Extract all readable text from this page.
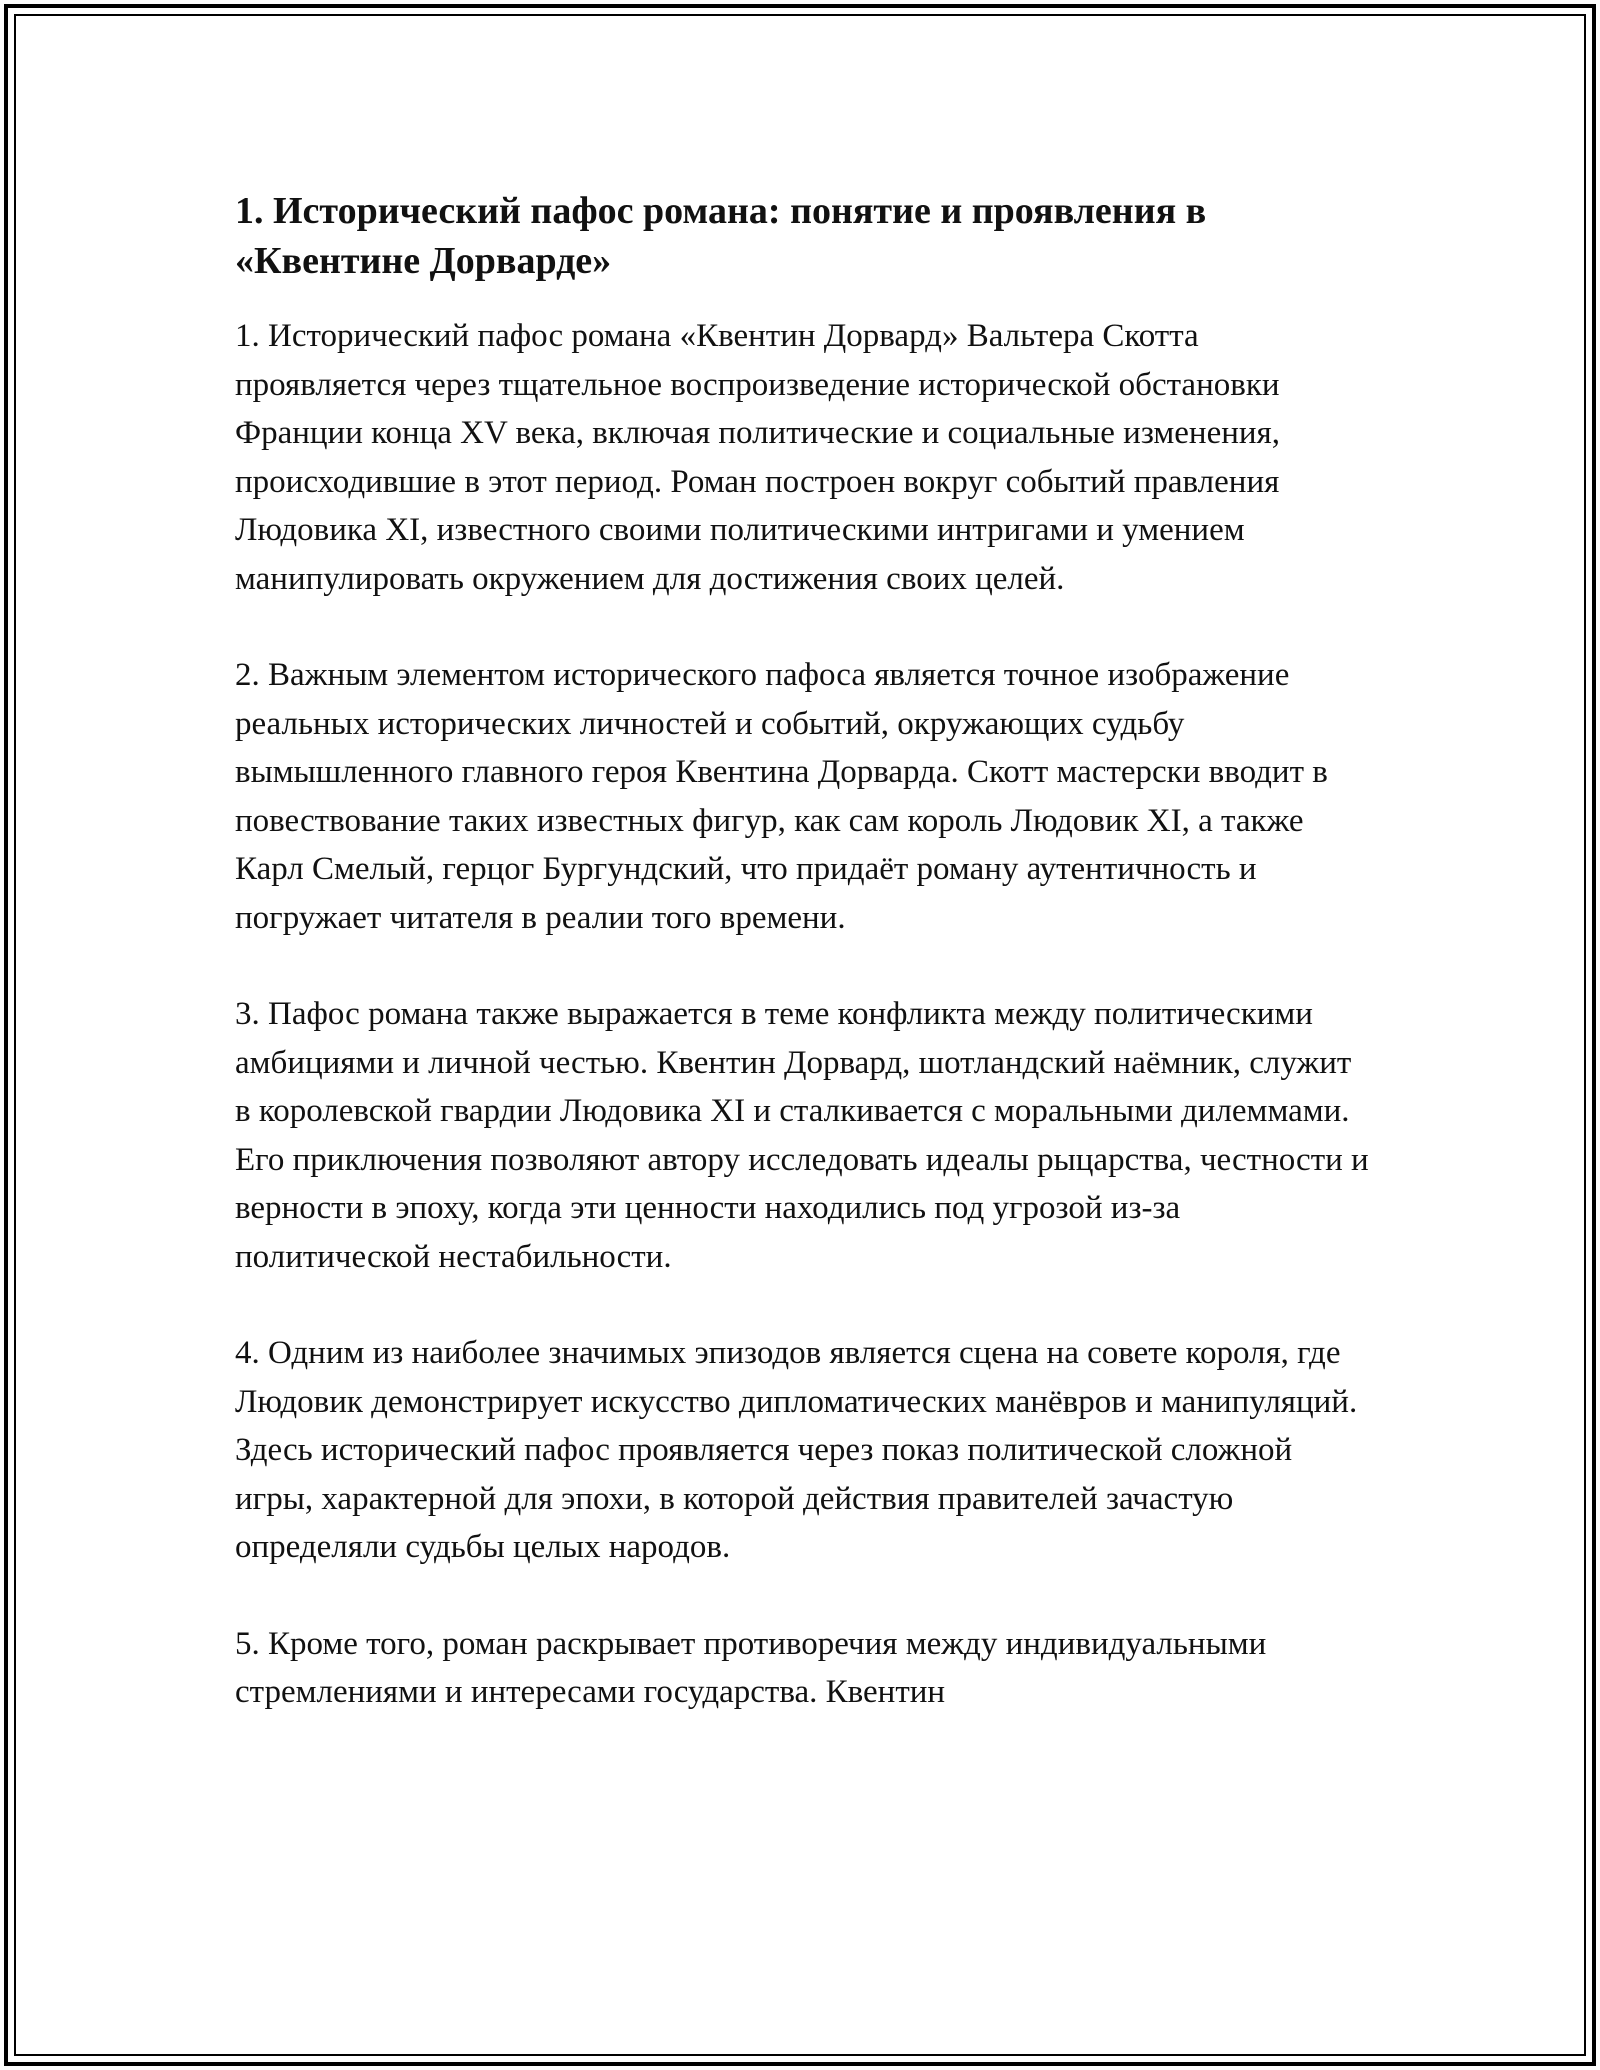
1. Исторический пафос романа: понятие и проявления в «Квентине Дорварде»

1. Исторический пафос романа «Квентин Дорвард» Вальтера Скотта проявляется через тщательное воспроизведение исторической обстановки Франции конца XV века, включая политические и социальные изменения, происходившие в этот период. Роман построен вокруг событий правления Людовика XI, известного своими политическими интригами и умением манипулировать окружением для достижения своих целей.

2. Важным элементом исторического пафоса является точное изображение реальных исторических личностей и событий, окружающих судьбу вымышленного главного героя Квентина Дорварда. Скотт мастерски вводит в повествование таких известных фигур, как сам король Людовик XI, а также Карл Смелый, герцог Бургундский, что придаёт роману аутентичность и погружает читателя в реалии того времени.

3. Пафос романа также выражается в теме конфликта между политическими амбициями и личной честью. Квентин Дорвард, шотландский наёмник, служит в королевской гвардии Людовика XI и сталкивается с моральными дилеммами. Его приключения позволяют автору исследовать идеалы рыцарства, честности и верности в эпоху, когда эти ценности находились под угрозой из-за политической нестабильности.

4. Одним из наиболее значимых эпизодов является сцена на совете короля, где Людовик демонстрирует искусство дипломатических манёвров и манипуляций. Здесь исторический пафос проявляется через показ политической сложной игры, характерной для эпохи, в которой действия правителей зачастую определяли судьбы целых народов.

5. Кроме того, роман раскрывает противоречия между индивидуальными стремлениями и интересами государства. Квентин
